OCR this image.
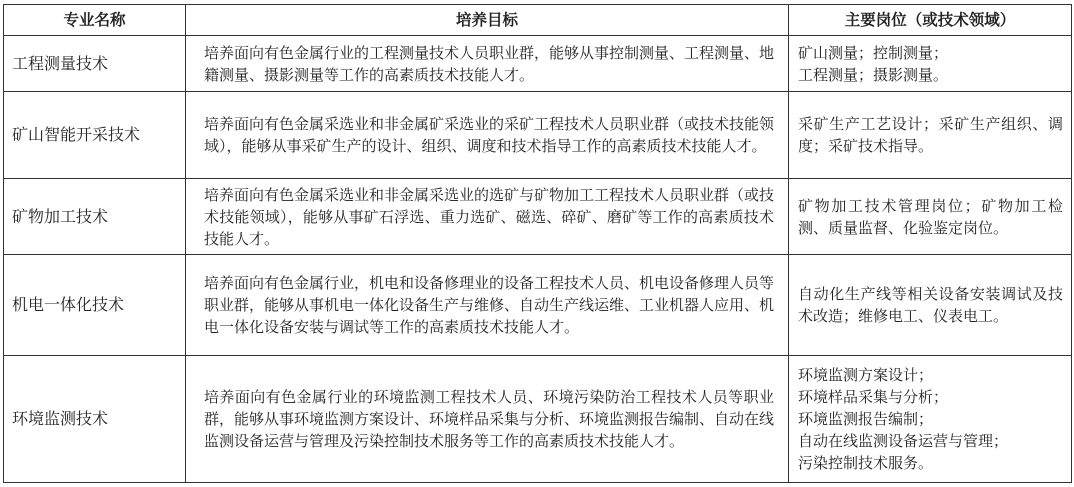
专业名称	培养目标	主要岗位（或技术领域）
工程测量技术	培养面向有色金属行业的工程测量技术人员职业群，能够从事控制测量、工程测量、地籍测量、摄影测量等工作的高素质技术技能人才。	矿山测量；控制测量；
工程测量；摄影测量。

矿山智能开采技术	培养面向有色金属采选业和非金属矿采选业的采矿工程技术人员职业群（或技术技能领域），能够从事采矿生产的设计、组织、调度和技术指导工作的高素质技术技能人才。	采矿生产工艺设计；采矿生产组织、调度；采矿技术指导。

矿物加工技术	培养面向有色金属采选业和非金属采选业的选矿与矿物加工工程技术人员职业群（或技术技能领域），能够从事矿石浮选、重力选矿、磁选、碎矿、磨矿等工作的高素质技术技能人才。	矿物加工技术管理岗位；矿物加工检测、质量监督、化验鉴定岗位。

机电一体化技术	培养面向有色金属行业，机电和设备修理业的设备工程技术人员、机电设备修理人员等职业群，能够从事机电一体化设备生产与维修、自动生产线运维、工业机器人应用、机电一体化设备安装与调试等工作的高素质技术技能人才。	自动化生产线等相关设备安装调试及技术改造；维修电工、仪表电工。

环境监测技术	培养面向有色金属行业的环境监测工程技术人员、环境污染防治工程技术人员等职业群，能够从事环境监测方案设计、环境样品采集与分析、环境监测报告编制、自动在线监测设备运营与管理及污染控制技术服务等工作的高素质技术技能人才。	环境监测方案设计；
环境样品采集与分析；
环境监测报告编制；
自动在线监测设备运营与管理；
污染控制技术服务。
